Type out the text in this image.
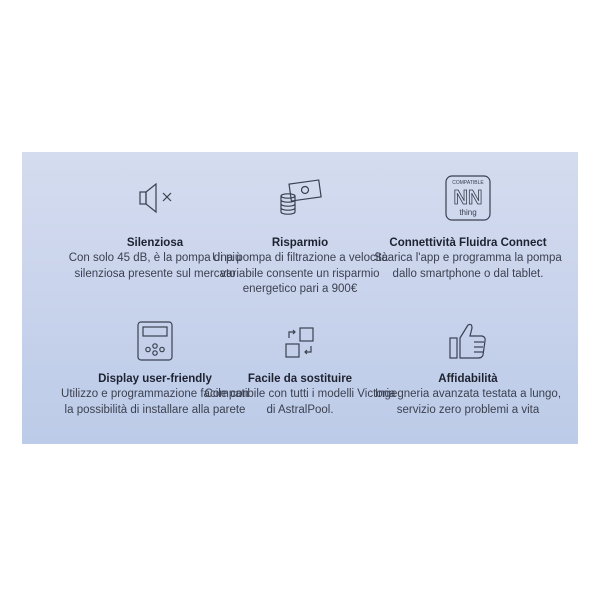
Silenziosa
Con solo 45 dB, è la pompa di più silenziosa presente sul mercato
Risparmio
Una pompa di filtrazione a velocità variabile consente un risparmio energetico pari a 900€
COMPATIBLE
NN
thing
Connettività Fluidra Connect
Scarica l'app e programma la pompa dallo smartphone o dal tablet.
Display user-friendly
Utilizzo e programmazione facile con la possibilità di installare alla parete
Facile da sostituire
Compatibile con tutti i modelli Victoria di AstralPool.
Affidabilità
Ingegneria avanzata testata a lungo, servizio zero problemi a vita
